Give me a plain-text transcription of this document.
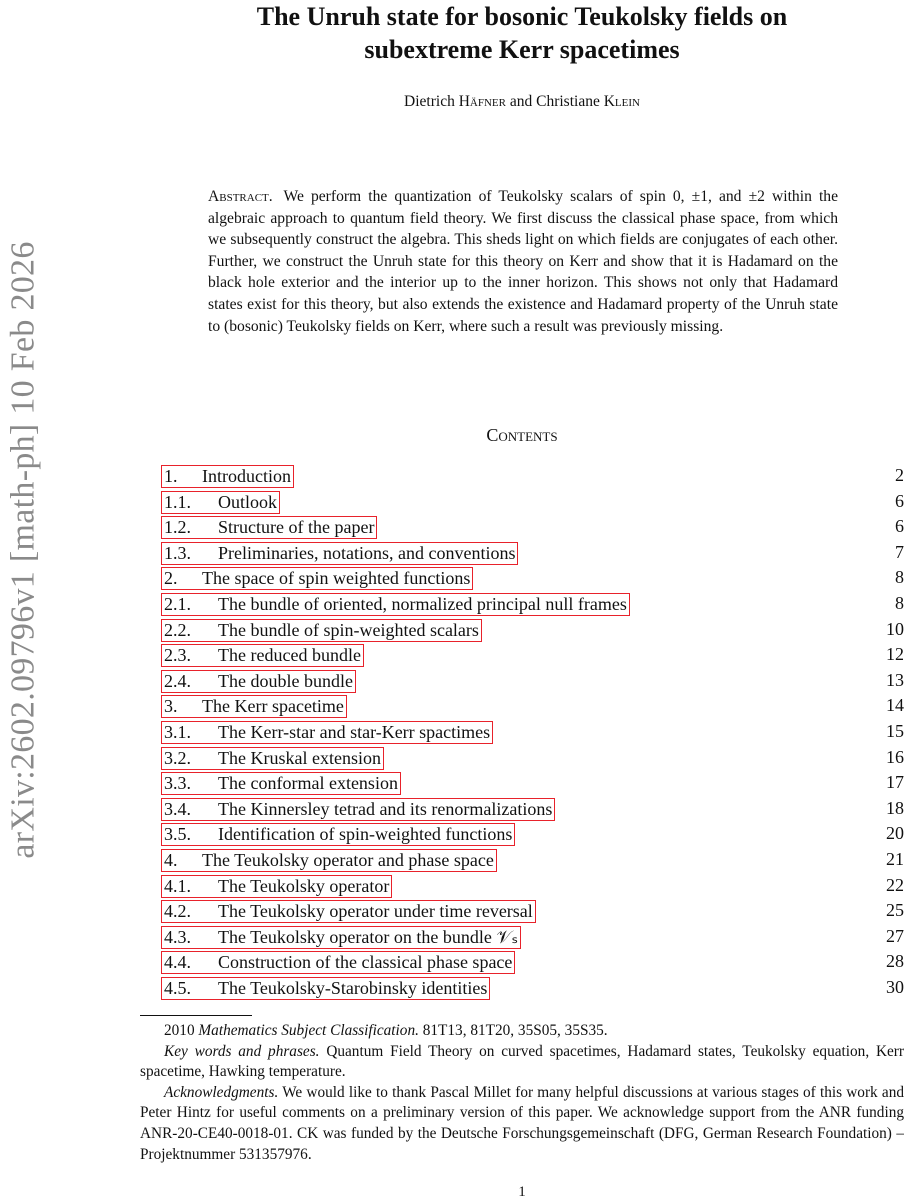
arXiv:2602.09796v1 [math-ph] 10 Feb 2026
The Unruh state for bosonic Teukolsky fields on
subextreme Kerr spacetimes
Dietrich Häfner and Christiane Klein

Abstract. We perform the quantization of Teukolsky scalars of spin 0, ±1, and ±2 within the algebraic approach to quantum field theory. We first discuss the classical phase space, from which we subsequently construct the algebra. This sheds light on which fields are conjugates of each other. Further, we construct the Unruh state for this theory on Kerr and show that it is Hadamard on the black hole exterior and the interior up to the inner horizon. This shows not only that Hadamard states exist for this theory, but also extends the existence and Hadamard property of the Unruh state to (bosonic) Teukolsky fields on Kerr, where such a result was previously missing.

Contents
1. Introduction	2
1.1. Outlook	6
1.2. Structure of the paper	6
1.3. Preliminaries, notations, and conventions	7
2. The space of spin weighted functions	8
2.1. The bundle of oriented, normalized principal null frames	8
2.2. The bundle of spin-weighted scalars	10
2.3. The reduced bundle	12
2.4. The double bundle	13
3. The Kerr spacetime	14
3.1. The Kerr-star and star-Kerr spactimes	15
3.2. The Kruskal extension	16
3.3. The conformal extension	17
3.4. The Kinnersley tetrad and its renormalizations	18
3.5. Identification of spin-weighted functions	20
4. The Teukolsky operator and phase space	21
4.1. The Teukolsky operator	22
4.2. The Teukolsky operator under time reversal	25
4.3. The Teukolsky operator on the bundle 𝒱ₛ	27
4.4. Construction of the classical phase space	28
4.5. The Teukolsky-Starobinsky identities	30

2010 Mathematics Subject Classification. 81T13, 81T20, 35S05, 35S35.

Key words and phrases. Quantum Field Theory on curved spacetimes, Hadamard states, Teukolsky equation, Kerr spacetime, Hawking temperature.

Acknowledgments. We would like to thank Pascal Millet for many helpful discussions at various stages of this work and Peter Hintz for useful comments on a preliminary version of this paper. We acknowledge support from the ANR funding ANR-20-CE40-0018-01. CK was funded by the Deutsche Forschungsgemeinschaft (DFG, German Research Foundation) – Projektnummer 531357976.

1
